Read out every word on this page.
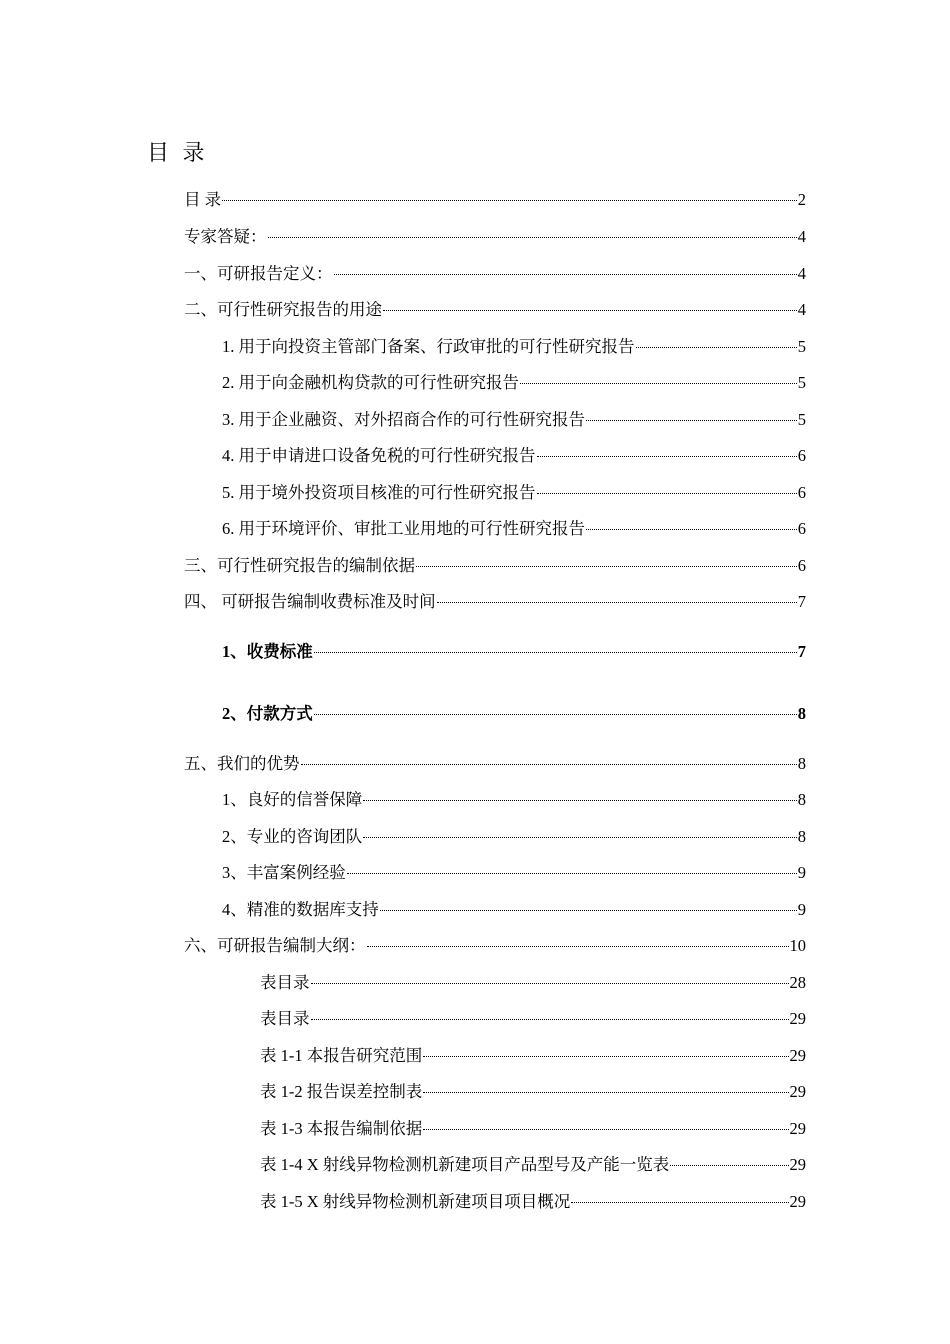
目 录
目 录	2
专家答疑：	4
一、可研报告定义：	4
二、可行性研究报告的用途	4
1. 用于向投资主管部门备案、行政审批的可行性研究报告	5
2. 用于向金融机构贷款的可行性研究报告	5
3. 用于企业融资、对外招商合作的可行性研究报告	5
4. 用于申请进口设备免税的可行性研究报告	6
5. 用于境外投资项目核准的可行性研究报告	6
6. 用于环境评价、审批工业用地的可行性研究报告	6
三、可行性研究报告的编制依据	6
四、 可研报告编制收费标准及时间	7
1、收费标准	7
2、付款方式	8
五、我们的优势	8
1、良好的信誉保障	8
2、专业的咨询团队	8
3、丰富案例经验	9
4、精准的数据库支持	9
六、可研报告编制大纲：	10
表目录	28
表目录	29
表 1-1 本报告研究范围	29
表 1-2 报告误差控制表	29
表 1-3 本报告编制依据	29
表 1-4 X 射线异物检测机新建项目产品型号及产能一览表	29
表 1-5 X 射线异物检测机新建项目项目概况	29
